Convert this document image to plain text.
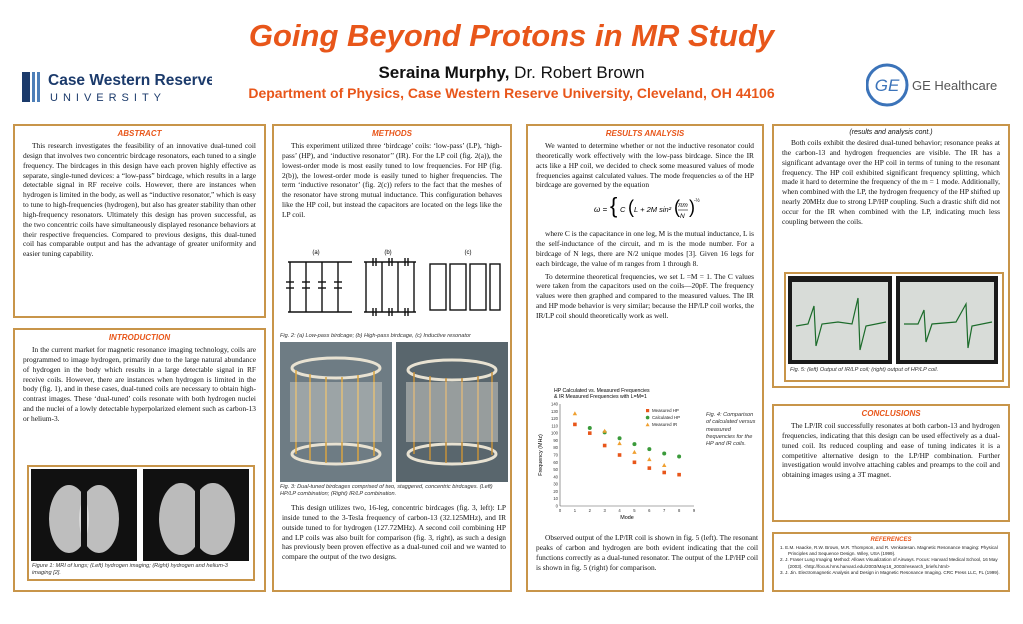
Going Beyond Protons in MR Study
Seraina Murphy, Dr. Robert Brown
Department of Physics, Case Western Reserve University, Cleveland, OH 44106
Case Western Reserve
UNIVERSITY
GE GE Healthcare
ABSTRACT
This research investigates the feasibility of an innovative dual-tuned coil design that involves two concentric birdcage resonators, each tuned to a single frequency. The birdcages in this design have each proven highly effective as separate, single-tuned devices: a “low-pass” birdcage, which results in a large detectable signal in RF receive coils. However, there are instances when hydrogen is limited in the body, as well as “inductive resonator,” which is easy to tune to high-frequencies (hydrogen), but also has greater stability than other high-frequency resonators. Ultimately this design has proven successful, as the two concentric coils have simultaneously displayed resonance behaviors at their respective frequencies. Compared to previous designs, this dual-tuned coil has comparable output and has the advantage of greater uniformity and easier tuning capability.
INTRODUCTION
In the current market for magnetic resonance imaging technology, coils are programmed to image hydrogen, primarily due to the large natural abundance of hydrogen in the body which results in a large detectable signal in RF receive coils. However, there are instances when hydrogen is limited in the body (fig. 1), and in these cases, dual-tuned coils are necessary to obtain high-contrast images. These ‘dual-tuned’ coils resonate with both hydrogen nuclei and the nuclei of a lowly detectable hyperpolarized element such as carbon-13 or helium-3.
Figure 1: MRI of lungs; (Left) hydrogen imaging; (Right) hydrogen and helium-3 imaging [2].
METHODS
This experiment utilized three ‘birdcage’ coils: ‘low-pass’ (LP), ‘high-pass’ (HP), and ‘inductive resonator’’ (IR). For the LP coil (fig. 2(a)), the lowest-order mode is most easily tuned to low frequencies. For HP (fig. 2(b)), the lowest-order mode is easily tuned to higher frequencies. The term ‘inductive resonator’ (fig. 2(c)) refers to the fact that the meshes of the resonator have strong mutual inductance. This configuration behaves like the HP coil, but instead the capacitors are located on the legs like the LP coil.
(a)	(b)	(c)
Fig. 2: (a) Low-pass birdcage; (b) High-pass birdcage, (c) Inductive resonator
Fig. 3: Dual-tuned birdcages comprised of two, staggered, concentric birdcages. (Left) HP/LP combination; (Right) IR/LP combination.
This design utilizes two, 16-leg, concentric birdcages (fig. 3, left): LP inside tuned to the 3-Tesla frequency of carbon-13 (32.125MHz), and IR outside tuned to for hydrogen (127.72MHz). A second coil combining HP and LP coils was also built for comparison (fig. 3, right), as such a design has previously been proven effective as a dual-tuned coil and we wanted to compare the output of the two designs.
RESULTS ANALYSIS
We wanted to determine whether or not the inductive resonator could theoretically work effectively with the low-pass birdcage. Since the IR acts like a HP coil, we decided to check some measured values of mode frequencies against calculated values. The mode frequencies ω of the HP birdcage are governed by the equation
ω = { C ( L + 2M sin² (
πm
N ) -½
where C is the capacitance in one leg, M is the mutual inductance, L is the self-inductance of the circuit, and m is the mode number. For a birdcage of N legs, there are N/2 unique modes [3]. Given 16 legs for each birdcage, the value of m ranges from 1 through 8.
To determine theoretical frequencies, we set L =M = 1. The C values were taken from the capacitors used on the coils—20pF. The frequency values were then graphed and compared to the measured values. The IR and HP mode behavior is very similar; because the HP/LP coil works, the IR/LP coil should theoretically work as well.
HP Calculated vs. Measured Frequencies
& IR Measured Frequencies with L=M=1
0
10
20
30
40
50
60
70
80
90
100
110
120
130
140
0	1	2	3	4	5	6	7	8	9
Mode
Frequency (MHz)
Measured HP
Calculated HP
Measured IR
Fig. 4: Comparison of calculated versus measured frequencies for the HP and IR coils.
Observed output of the LP/IR coil is shown in fig. 5 (left). The resonant peaks of carbon and hydrogen are both evident indicating that the coil functions correctly as a dual-tuned resonator. The output of the LP/HP coil is shown in fig. 5 (right) for comparison.
(results and analysis cont.)
Both coils exhibit the desired dual-tuned behavior; resonance peaks at the carbon-13 and hydrogen frequencies are visible. The IR has a significant advantage over the HP coil in terms of tuning to the resonant frequency. The HP coil exhibited significant frequency splitting, which made it hard to determine the frequency of the m = 1 mode. Additionally, when combined with the LP, the hydrogen frequency of the HP shifted up nearly 20MHz due to strong LP/HP coupling. Such a drastic shift did not occur for the IR when combined with the LP, indicating much less coupling between the coils.
Fig. 5: (left) Output of IR/LP coil; (right) output of HP/LP coil.
CONCLUSIONS
The LP/IR coil successfully resonates at both carbon-13 and hydrogen frequencies, indicating that this design can be used effectively as a dual-tuned coil. Its reduced coupling and ease of tuning indicates it is a competitive alternative design to the LP/HP combination. Further investigation would involve attaching cables and preamps to the coil and obtaining images using a 3T magnet.
REFERENCES
1. E.M. Haacke, R.W. Brown, M.R. Thompson, and R. Venkatesan. Magnetic Resonance Imaging: Physical Principles and Sequence Design. Wiley, USA (1999).
2. J. Fraser Lung Imaging Method: Allows Visualization of Airways. Focus: Harvard Medical School, 16 May (2003). <http://focus.hms.harvard.edu/2003/May16_2003/research_briefs.html>
3. J. Jin. Electromagnetic Analysis and Design in Magnetic Resonance Imaging. CRC Press LLC, FL (1999).
